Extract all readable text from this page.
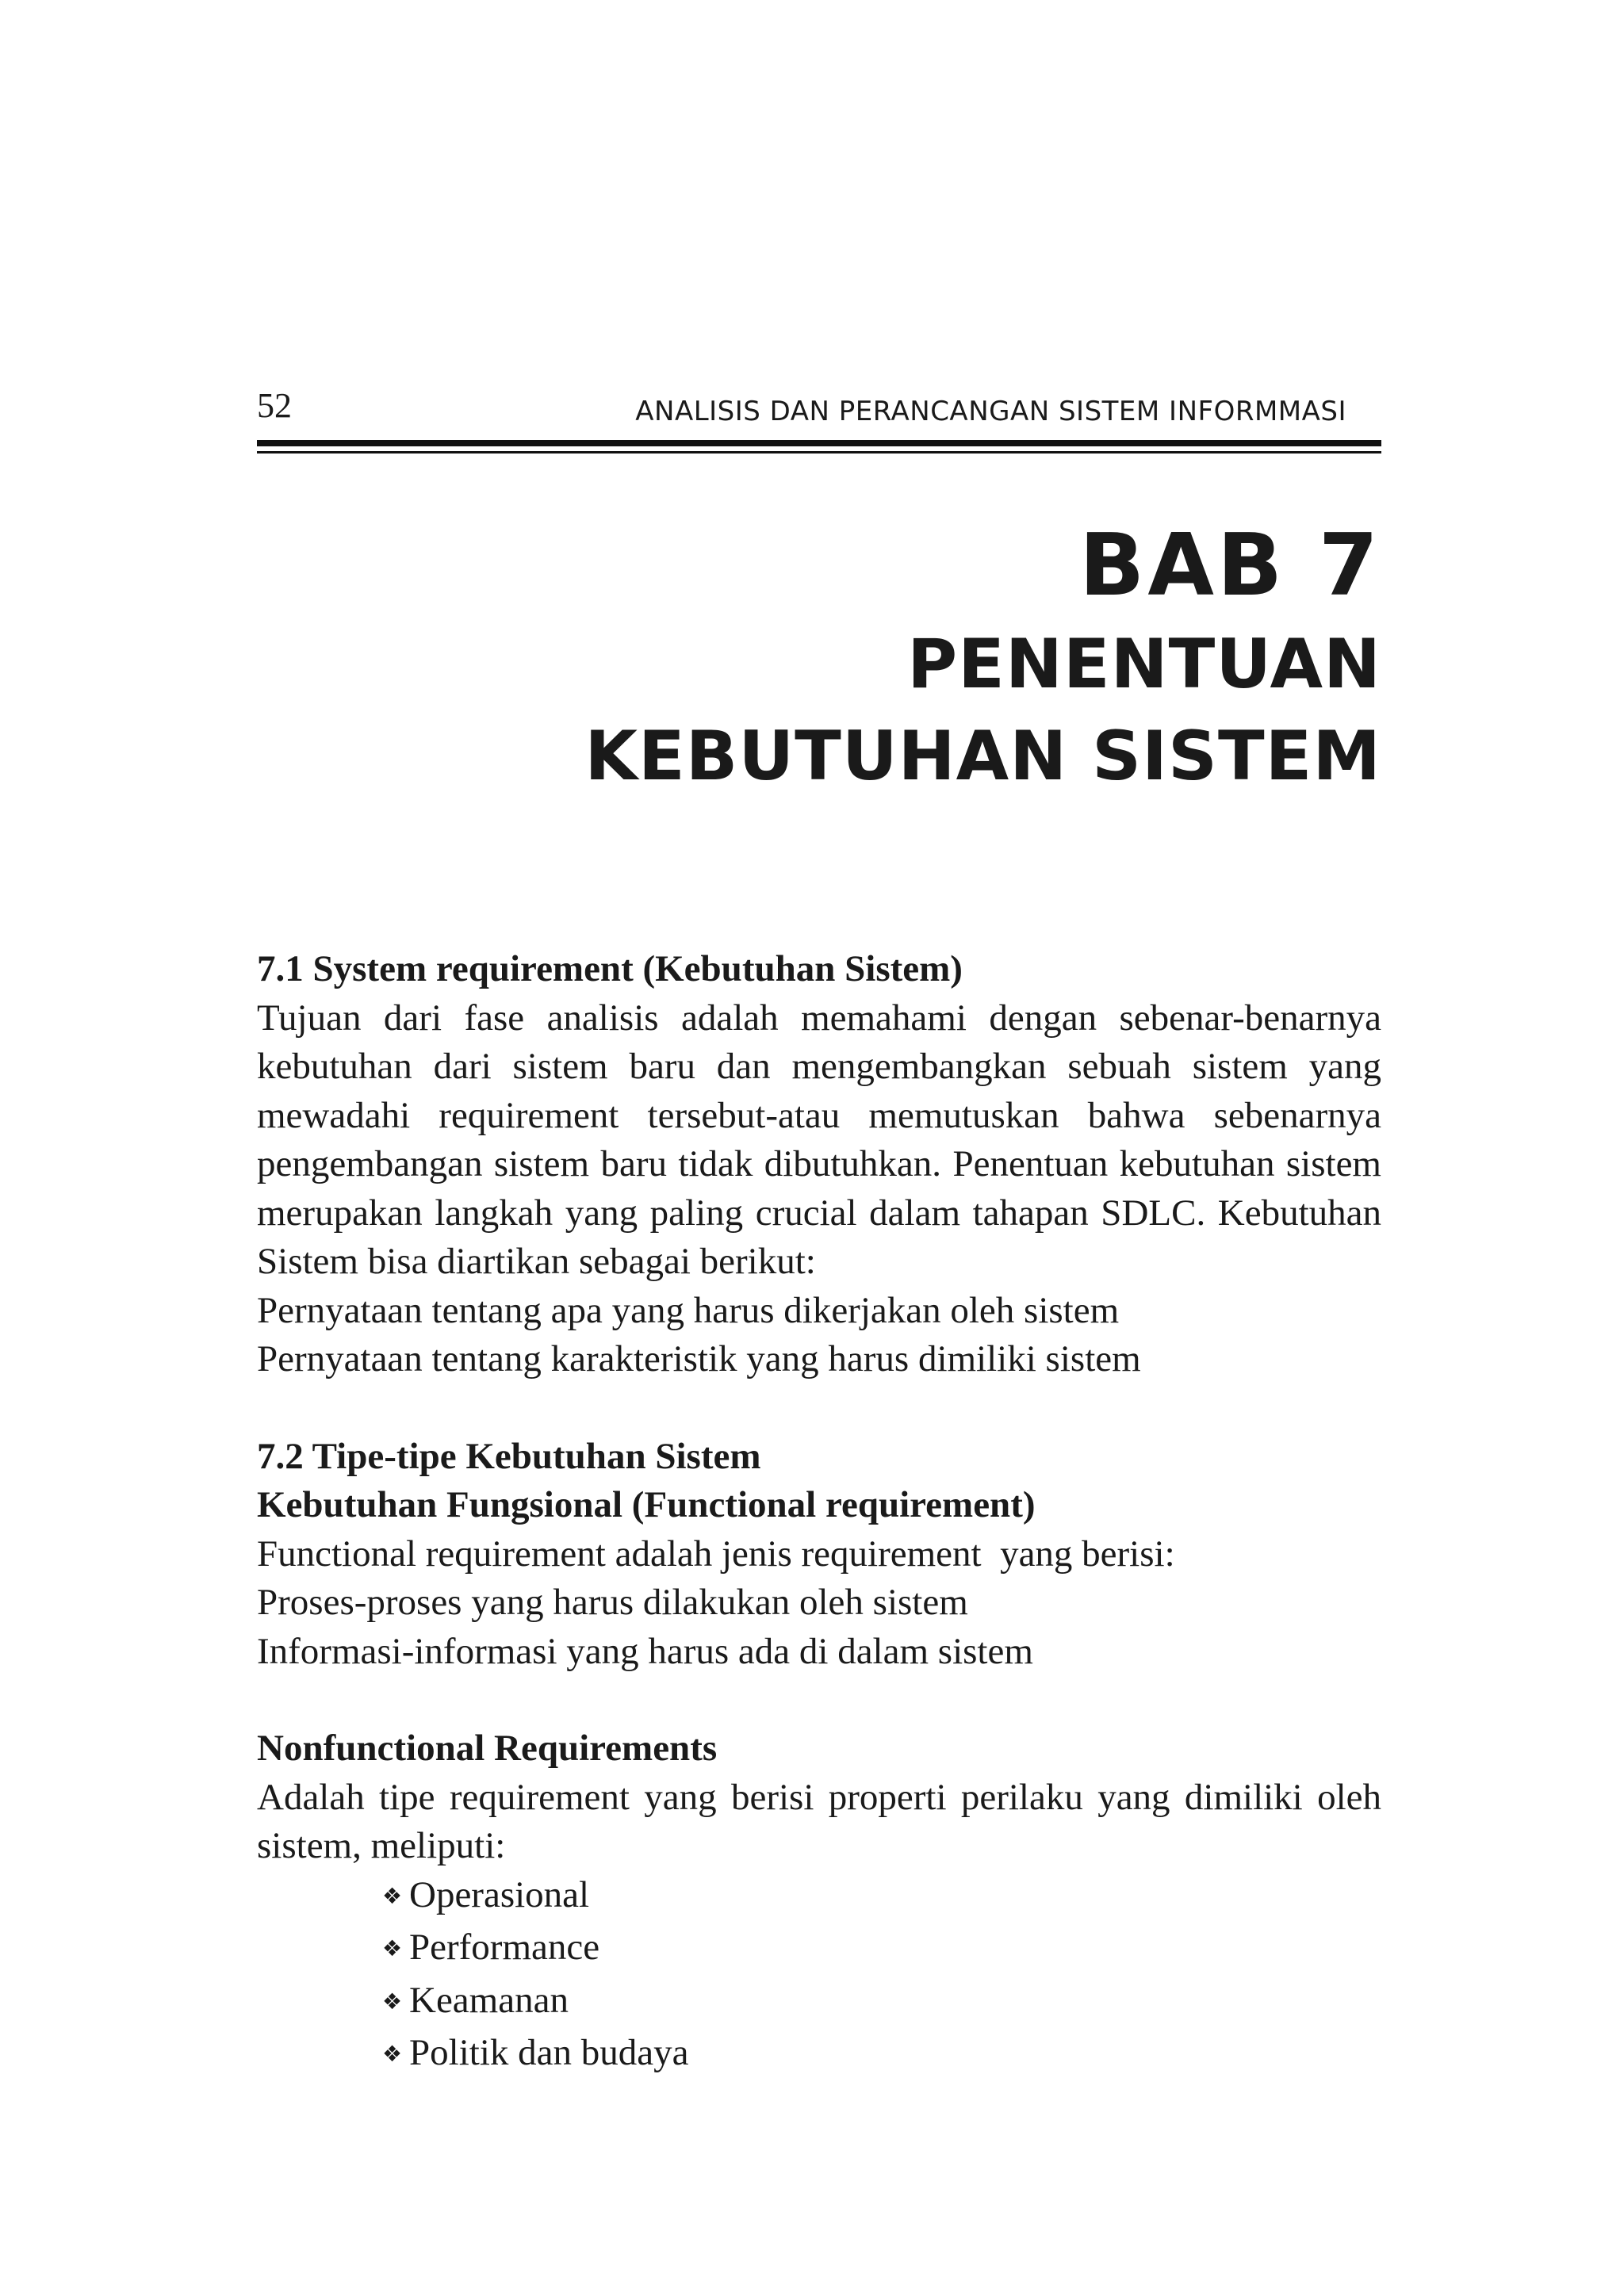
52	ANALISIS DAN PERANCANGAN SISTEM INFORMMASI
BAB 7
PENENTUAN KEBUTUHAN SISTEM

7.1 System requirement (Kebutuhan Sistem)

Tujuan dari fase analisis adalah memahami dengan sebenar-benarnya kebutuhan dari sistem baru dan mengembangkan sebuah sistem yang mewadahi requirement tersebut-atau memutuskan bahwa sebenarnya pengembangan sistem baru tidak dibutuhkan. Penentuan kebutuhan sistem merupakan langkah yang paling crucial dalam tahapan SDLC. Kebutuhan Sistem bisa diartikan sebagai berikut:

Pernyataan tentang apa yang harus dikerjakan oleh sistem

Pernyataan tentang karakteristik yang harus dimiliki sistem

7.2 Tipe-tipe Kebutuhan Sistem

Kebutuhan Fungsional (Functional requirement)

Functional requirement adalah jenis requirement  yang berisi:

Proses-proses yang harus dilakukan oleh sistem

Informasi-informasi yang harus ada di dalam sistem

Nonfunctional Requirements

Adalah tipe requirement yang berisi properti perilaku yang dimiliki oleh sistem, meliputi:

❖ Operasional
❖ Performance
❖ Keamanan
❖ Politik dan budaya
